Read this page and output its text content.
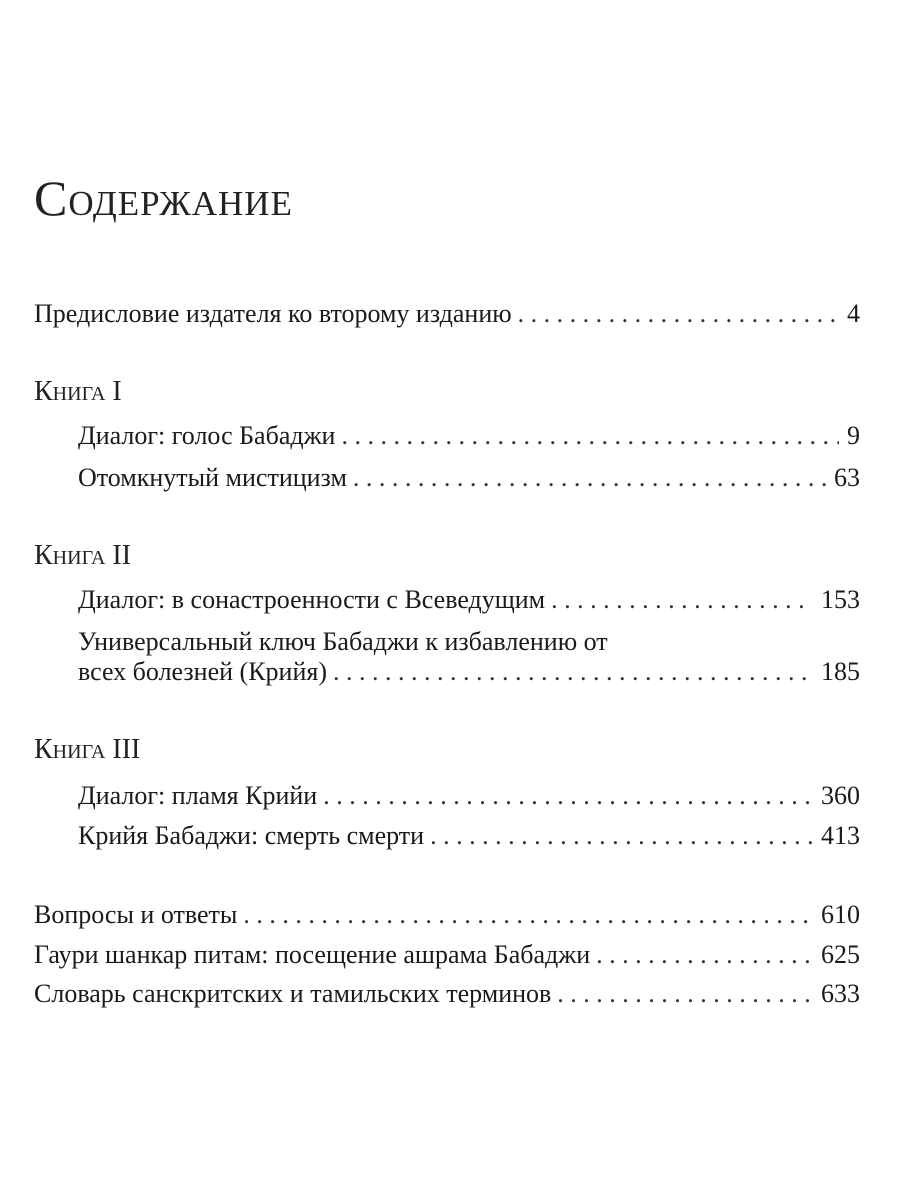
Содержание
Предисловие издателя ко второму изданию . . .	4
Книга I
Диалог: голос Бабаджи . . .	9
Отомкнутый мистицизм . . .	63
Книга II
Диалог: в сонастроенности с Всеведущим . . .	153
Универсальный ключ Бабаджи к избавлению от
всех болезней (Крийя) . . .	185
Книга III
Диалог: пламя Крийи . . .	360
Крийя Бабаджи: смерть смерти . . .	413
Вопросы и ответы . . .	610
Гаури шанкар питам: посещение ашрама Бабаджи . . .	625
Словарь санскритских и тамильских терминов . . .	633
